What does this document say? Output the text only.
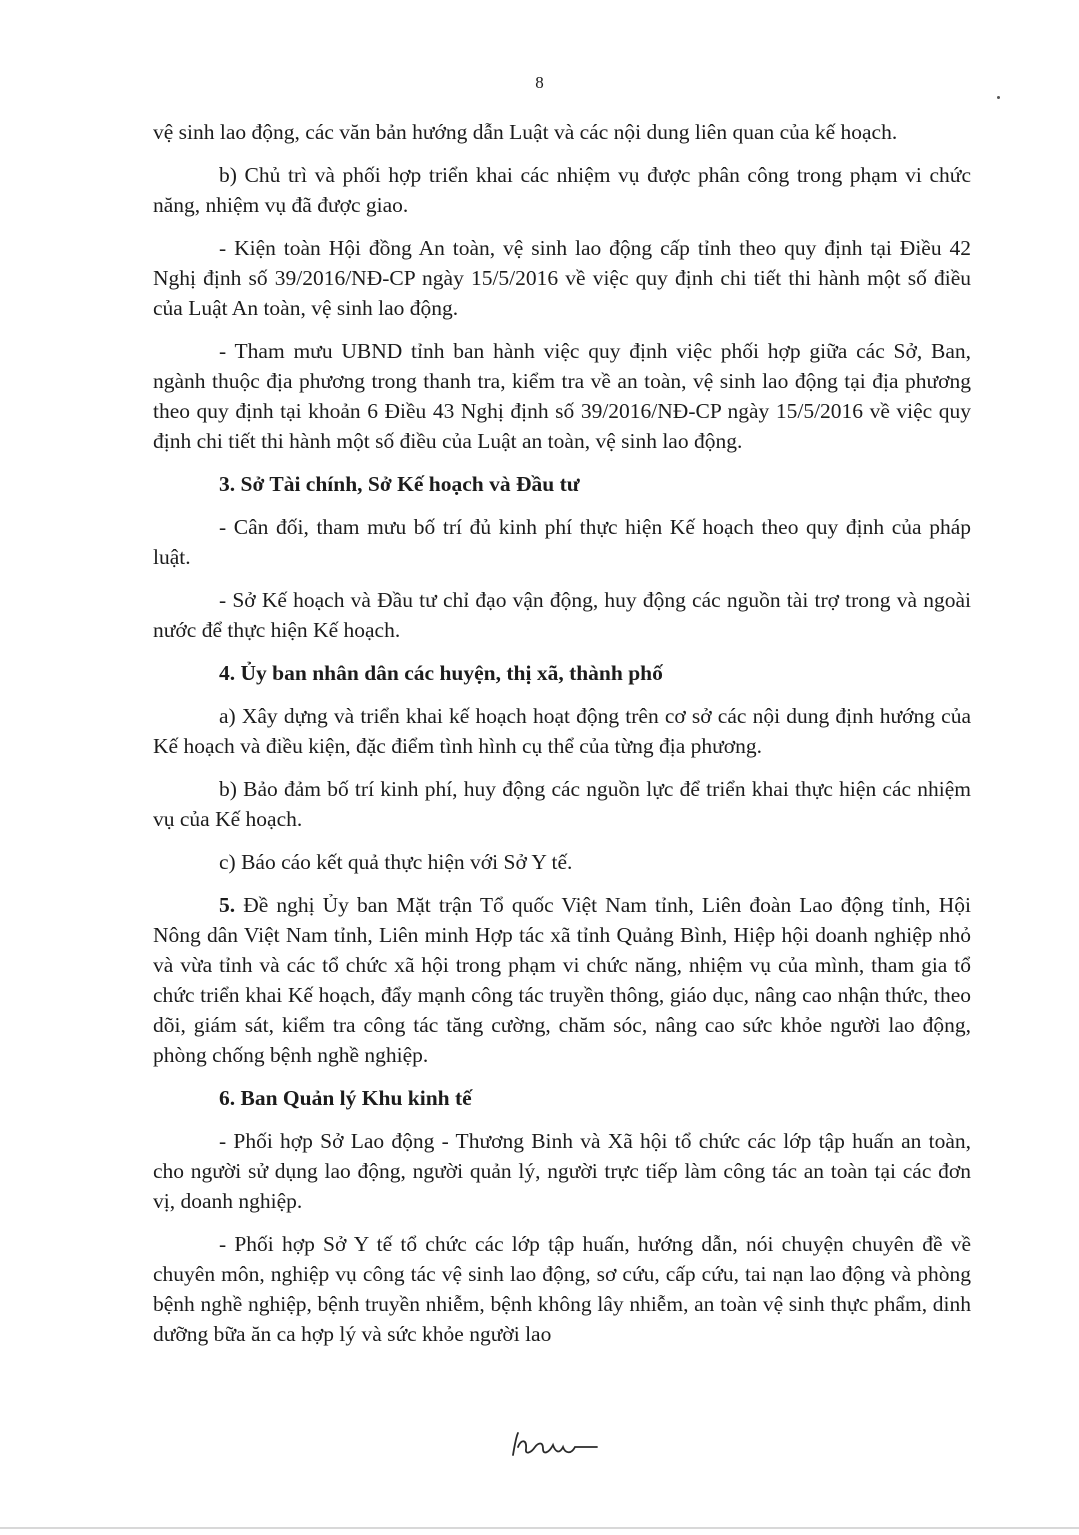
8

vệ sinh lao động, các văn bản hướng dẫn Luật và các nội dung liên quan của kế hoạch.

b) Chủ trì và phối hợp triển khai các nhiệm vụ được phân công trong phạm vi chức năng, nhiệm vụ đã được giao.

- Kiện toàn Hội đồng An toàn, vệ sinh lao động cấp tỉnh theo quy định tại Điều 42 Nghị định số 39/2016/NĐ-CP ngày 15/5/2016 về việc quy định chi tiết thi hành một số điều của Luật An toàn, vệ sinh lao động.

- Tham mưu UBND tỉnh ban hành việc quy định việc phối hợp giữa các Sở, Ban, ngành thuộc địa phương trong thanh tra, kiểm tra về an toàn, vệ sinh lao động tại địa phương theo quy định tại khoản 6 Điều 43 Nghị định số 39/2016/NĐ-CP ngày 15/5/2016 về việc quy định chi tiết thi hành một số điều của Luật an toàn, vệ sinh lao động.

3. Sở Tài chính, Sở Kế hoạch và Đầu tư

- Cân đối, tham mưu bố trí đủ kinh phí thực hiện Kế hoạch theo quy định của pháp luật.

- Sở Kế hoạch và Đầu tư chỉ đạo vận động, huy động các nguồn tài trợ trong và ngoài nước để thực hiện Kế hoạch.

4. Ủy ban nhân dân các huyện, thị xã, thành phố

a) Xây dựng và triển khai kế hoạch hoạt động trên cơ sở các nội dung định hướng của Kế hoạch và điều kiện, đặc điểm tình hình cụ thể của từng địa phương.

b) Bảo đảm bố trí kinh phí, huy động các nguồn lực để triển khai thực hiện các nhiệm vụ của Kế hoạch.

c) Báo cáo kết quả thực hiện với Sở Y tế.

5. Đề nghị Ủy ban Mặt trận Tổ quốc Việt Nam tỉnh, Liên đoàn Lao động tỉnh, Hội Nông dân Việt Nam tỉnh, Liên minh Hợp tác xã tỉnh Quảng Bình, Hiệp hội doanh nghiệp nhỏ và vừa tỉnh và các tổ chức xã hội trong phạm vi chức năng, nhiệm vụ của mình, tham gia tổ chức triển khai Kế hoạch, đẩy mạnh công tác truyền thông, giáo dục, nâng cao nhận thức, theo dõi, giám sát, kiểm tra công tác tăng cường, chăm sóc, nâng cao sức khỏe người lao động, phòng chống bệnh nghề nghiệp.

6. Ban Quản lý Khu kinh tế

- Phối hợp Sở Lao động - Thương Binh và Xã hội tổ chức các lớp tập huấn an toàn, cho người sử dụng lao động, người quản lý, người trực tiếp làm công tác an toàn tại các đơn vị, doanh nghiệp.

- Phối hợp Sở Y tế tổ chức các lớp tập huấn, hướng dẫn, nói chuyện chuyên đề về chuyên môn, nghiệp vụ công tác vệ sinh lao động, sơ cứu, cấp cứu, tai nạn lao động và phòng bệnh nghề nghiệp, bệnh truyền nhiễm, bệnh không lây nhiễm, an toàn vệ sinh thực phẩm, dinh dưỡng bữa ăn ca hợp lý và sức khỏe người lao
